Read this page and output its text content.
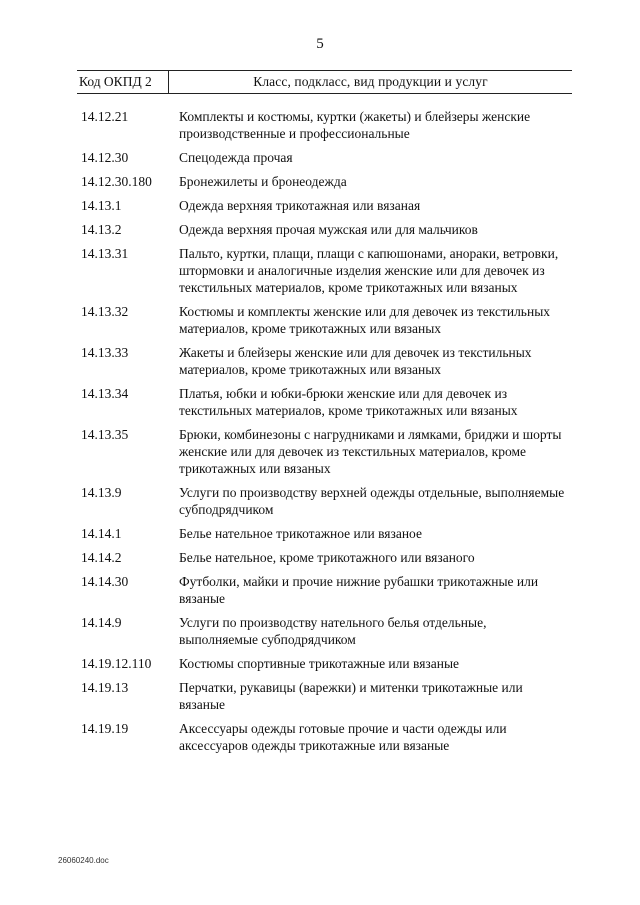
5
Код ОКПД 2	Класс, подкласс, вид продукции и услуг
14.12.21	Комплекты и костюмы, куртки (жакеты) и блейзеры женские производственные и профессиональные
14.12.30	Спецодежда прочая
14.12.30.180	Бронежилеты и бронеодежда
14.13.1	Одежда верхняя трикотажная или вязаная
14.13.2	Одежда верхняя прочая мужская или для мальчиков
14.13.31	Пальто, куртки, плащи, плащи с капюшонами, анораки, ветровки, штормовки и аналогичные изделия женские или для девочек из текстильных материалов, кроме трикотажных или вязаных
14.13.32	Костюмы и комплекты женские или для девочек из текстильных материалов, кроме трикотажных или вязаных
14.13.33	Жакеты и блейзеры женские или для девочек из текстильных материалов, кроме трикотажных или вязаных
14.13.34	Платья, юбки и юбки-брюки женские или для девочек из текстильных материалов, кроме трикотажных или вязаных
14.13.35	Брюки, комбинезоны с нагрудниками и лямками, бриджи и шорты женские или для девочек из текстильных материалов, кроме трикотажных или вязаных
14.13.9	Услуги по производству верхней одежды отдельные, выполняемые субподрядчиком
14.14.1	Белье нательное трикотажное или вязаное
14.14.2	Белье нательное, кроме трикотажного или вязаного
14.14.30	Футболки, майки и прочие нижние рубашки трикотажные или вязаные
14.14.9	Услуги по производству нательного белья отдельные, выполняемые субподрядчиком
14.19.12.110	Костюмы спортивные трикотажные или вязаные
14.19.13	Перчатки, рукавицы (варежки) и митенки трикотажные или вязаные
14.19.19	Аксессуары одежды готовые прочие и части одежды или аксессуаров одежды трикотажные или вязаные
26060240.doc
